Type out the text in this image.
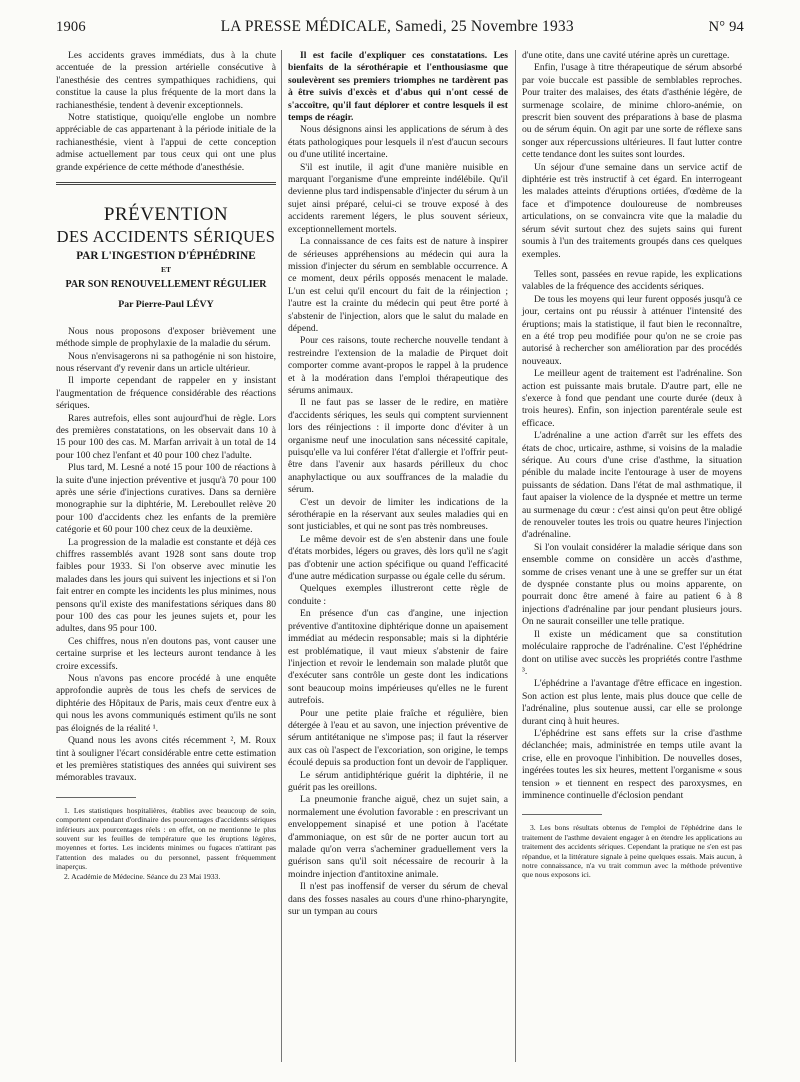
1906	LA PRESSE MÉDICALE, Samedi, 25 Novembre 1933	N° 94

Les accidents graves immédiats, dus à la chute accentuée de la pression artérielle consécutive à l'anesthésie des centres sympathiques rachidiens, qui constitue la cause la plus fréquente de la mort dans la rachianesthésie, tendent à devenir exceptionnels.

Notre statistique, quoiqu'elle englobe un nombre appréciable de cas appartenant à la période initiale de la rachianesthésie, vient à l'appui de cette conception admise actuellement par tous ceux qui ont une plus grande expérience de cette méthode d'anesthésie.

PRÉVENTION
DES ACCIDENTS SÉRIQUES
PAR L'INGESTION D'ÉPHÉDRINE
ET
PAR SON RENOUVELLEMENT RÉGULIER
Par Pierre-Paul LÉVY

Nous nous proposons d'exposer brièvement une méthode simple de prophylaxie de la maladie du sérum.

Nous n'envisagerons ni sa pathogénie ni son histoire, nous réservant d'y revenir dans un article ultérieur.

Il importe cependant de rappeler en y insistant l'augmentation de fréquence considérable des réactions sériques.

Rares autrefois, elles sont aujourd'hui de règle. Lors des premières constatations, on les observait dans 10 à 15 pour 100 des cas. M. Marfan arrivait à un total de 14 pour 100 chez l'enfant et 40 pour 100 chez l'adulte.

Plus tard, M. Lesné a noté 15 pour 100 de réactions à la suite d'une injection préventive et jusqu'à 70 pour 100 après une série d'injections curatives. Dans sa dernière monographie sur la diphtérie, M. Lereboullet relève 20 pour 100 d'accidents chez les enfants de la première catégorie et 60 pour 100 chez ceux de la deuxième.

La progression de la maladie est constante et déjà ces chiffres rassemblés avant 1928 sont sans doute trop faibles pour 1933. Si l'on observe avec minutie les malades dans les jours qui suivent les injections et si l'on fait entrer en compte les incidents les plus minimes, nous pensons qu'il existe des manifestations sériques dans 80 pour 100 des cas pour les jeunes sujets et, pour les adultes, dans 95 pour 100.

Ces chiffres, nous n'en doutons pas, vont causer une certaine surprise et les lecteurs auront tendance à les croire excessifs.

Nous n'avons pas encore procédé à une enquête approfondie auprès de tous les chefs de services de diphtérie des Hôpitaux de Paris, mais ceux d'entre eux à qui nous les avons communiqués estiment qu'ils ne sont pas éloignés de la réalité ¹.

Quand nous les avons cités récemment ², M. Roux tint à souligner l'écart considérable entre cette estimation et les premières statistiques des années qui suivirent ses mémorables travaux.

1. Les statistiques hospitalières, établies avec beaucoup de soin, comportent cependant d'ordinaire des pourcentages d'accidents sériques inférieurs aux pourcentages réels : en effet, on ne mentionne le plus souvent sur les feuilles de température que les éruptions légères, moyennes et fortes. Les incidents minimes ou fugaces n'attirant pas l'attention des malades ou du personnel, passent fréquemment inaperçus.

2. Académie de Médecine. Séance du 23 Mai 1933.

Il est facile d'expliquer ces constatations. Les bienfaits de la sérothérapie et l'enthousiasme que soulevèrent ses premiers triomphes ne tardèrent pas à être suivis d'excès et d'abus qui n'ont cessé de s'accoître, qu'il faut déplorer et contre lesquels il est temps de réagir.

Nous désignons ainsi les applications de sérum à des états pathologiques pour lesquels il n'est d'aucun secours ou d'une utilité incertaine.

S'il est inutile, il agit d'une manière nuisible en marquant l'organisme d'une empreinte indélébile. Qu'il devienne plus tard indispensable d'injecter du sérum à un sujet ainsi préparé, celui-ci se trouve exposé à des accidents rarement légers, le plus souvent sérieux, exceptionnellement mortels.

La connaissance de ces faits est de nature à inspirer de sérieuses appréhensions au médecin qui aura la mission d'injecter du sérum en semblable occurrence. A ce moment, deux périls opposés menacent le malade. L'un est celui qu'il encourt du fait de la réinjection ; l'autre est la crainte du médecin qui peut être porté à s'abstenir de l'injection, alors que le salut du malade en dépend.

Pour ces raisons, toute recherche nouvelle tendant à restreindre l'extension de la maladie de Pirquet doit comporter comme avant-propos le rappel à la prudence et à la modération dans l'emploi thérapeutique des sérums animaux.

Il ne faut pas se lasser de le redire, en matière d'accidents sériques, les seuls qui comptent surviennent lors des réinjections : il importe donc d'éviter à un organisme neuf une inoculation sans nécessité capitale, puisqu'elle va lui conférer l'état d'allergie et l'offrir peut-être dans l'avenir aux hasards périlleux du choc anaphylactique ou aux souffrances de la maladie du sérum.

C'est un devoir de limiter les indications de la sérothérapie en la réservant aux seules maladies qui en sont justiciables, et qui ne sont pas très nombreuses.

Le même devoir est de s'en abstenir dans une foule d'états morbides, légers ou graves, dès lors qu'il ne s'agit pas d'obtenir une action spécifique ou quand l'efficacité d'une autre médication surpasse ou égale celle du sérum.

Quelques exemples illustreront cette règle de conduite :

En présence d'un cas d'angine, une injection préventive d'antitoxine diphtérique donne un apaisement immédiat au médecin responsable; mais si la diphtérie est problématique, il vaut mieux s'abstenir de faire l'injection et revoir le lendemain son malade plutôt que d'exécuter sans contrôle un geste dont les indications sont beaucoup moins impérieuses qu'elles ne le furent autrefois.

Pour une petite plaie fraîche et régulière, bien détergée à l'eau et au savon, une injection préventive de sérum antitétanique ne s'impose pas; il faut la réserver aux cas où l'aspect de l'excoriation, son origine, le temps écoulé depuis sa production font un devoir de l'appliquer.

Le sérum antidiphtérique guérit la diphtérie, il ne guérit pas les oreillons.

La pneumonie franche aiguë, chez un sujet sain, a normalement une évolution favorable : en prescrivant un enveloppement sinapisé et une potion à l'acétate d'ammoniaque, on est sûr de ne porter aucun tort au malade qu'on verra s'acheminer graduellement vers la guérison sans qu'il soit nécessaire de recourir à la moindre injection d'antitoxine animale.

Il n'est pas inoffensif de verser du sérum de cheval dans des fosses nasales au cours d'une rhino-pharyngite, sur un tympan au cours

d'une otite, dans une cavité utérine après un curettage.

Enfin, l'usage à titre thérapeutique de sérum absorbé par voie buccale est passible de semblables reproches. Pour traiter des malaises, des états d'asthénie légère, de surmenage scolaire, de minime chloro-anémie, on prescrit bien souvent des préparations à base de plasma ou de sérum équin. On agit par une sorte de réflexe sans songer aux répercussions ultérieures. Il faut lutter contre cette tendance dont les suites sont lourdes.

Un séjour d'une semaine dans un service actif de diphtérie est très instructif à cet égard. En interrogeant les malades atteints d'éruptions ortiées, d'œdème de la face et d'impotence douloureuse de nombreuses articulations, on se convaincra vite que la maladie du sérum sévit surtout chez des sujets sains qui furent soumis à l'un des traitements groupés dans ces quelques exemples.

Telles sont, passées en revue rapide, les explications valables de la fréquence des accidents sériques.

De tous les moyens qui leur furent opposés jusqu'à ce jour, certains ont pu réussir à atténuer l'intensité des éruptions; mais la statistique, il faut bien le reconnaître, en a été trop peu modifiée pour qu'on ne se croie pas autorisé à rechercher son amélioration par des procédés nouveaux.

Le meilleur agent de traitement est l'adrénaline. Son action est puissante mais brutale. D'autre part, elle ne s'exerce à fond que pendant une courte durée (deux à trois heures). Enfin, son injection parentérale seule est efficace.

L'adrénaline a une action d'arrêt sur les effets des états de choc, urticaire, asthme, si voisins de la maladie sérique. Au cours d'une crise d'asthme, la situation pénible du malade incite l'entourage à user de moyens puissants de sédation. Dans l'état de mal asthmatique, il faut apaiser la violence de la dyspnée et mettre un terme au surmenage du cœur : c'est ainsi qu'on peut être obligé de renouveler toutes les trois ou quatre heures l'injection d'adrénaline.

Si l'on voulait considérer la maladie sérique dans son ensemble comme on considère un accès d'asthme, somme de crises venant une à une se greffer sur un état de dyspnée constante plus ou moins apparente, on pourrait donc être amené à faire au patient 6 à 8 injections d'adrénaline par jour pendant plusieurs jours. On ne saurait conseiller une telle pratique.

Il existe un médicament que sa constitution moléculaire rapproche de l'adrénaline. C'est l'éphédrine dont on utilise avec succès les propriétés contre l'asthme ³.

L'éphédrine a l'avantage d'être efficace en ingestion. Son action est plus lente, mais plus douce que celle de l'adrénaline, plus soutenue aussi, car elle se prolonge durant cinq à huit heures.

L'éphédrine est sans effets sur la crise d'asthme déclanchée; mais, administrée en temps utile avant la crise, elle en provoque l'inhibition. De nouvelles doses, ingérées toutes les six heures, mettent l'organisme « sous tension » et tiennent en respect des paroxysmes, en imminence continuelle d'éclosion pendant

3. Les bons résultats obtenus de l'emploi de l'éphédrine dans le traitement de l'asthme devaient engager à en étendre les applications au traitement des accidents sériques. Cependant la pratique ne s'en est pas répandue, et la littérature signale à peine quelques essais. Mais aucun, à notre connaissance, n'a vu trait commun avec la méthode préventive que nous exposons ici.
